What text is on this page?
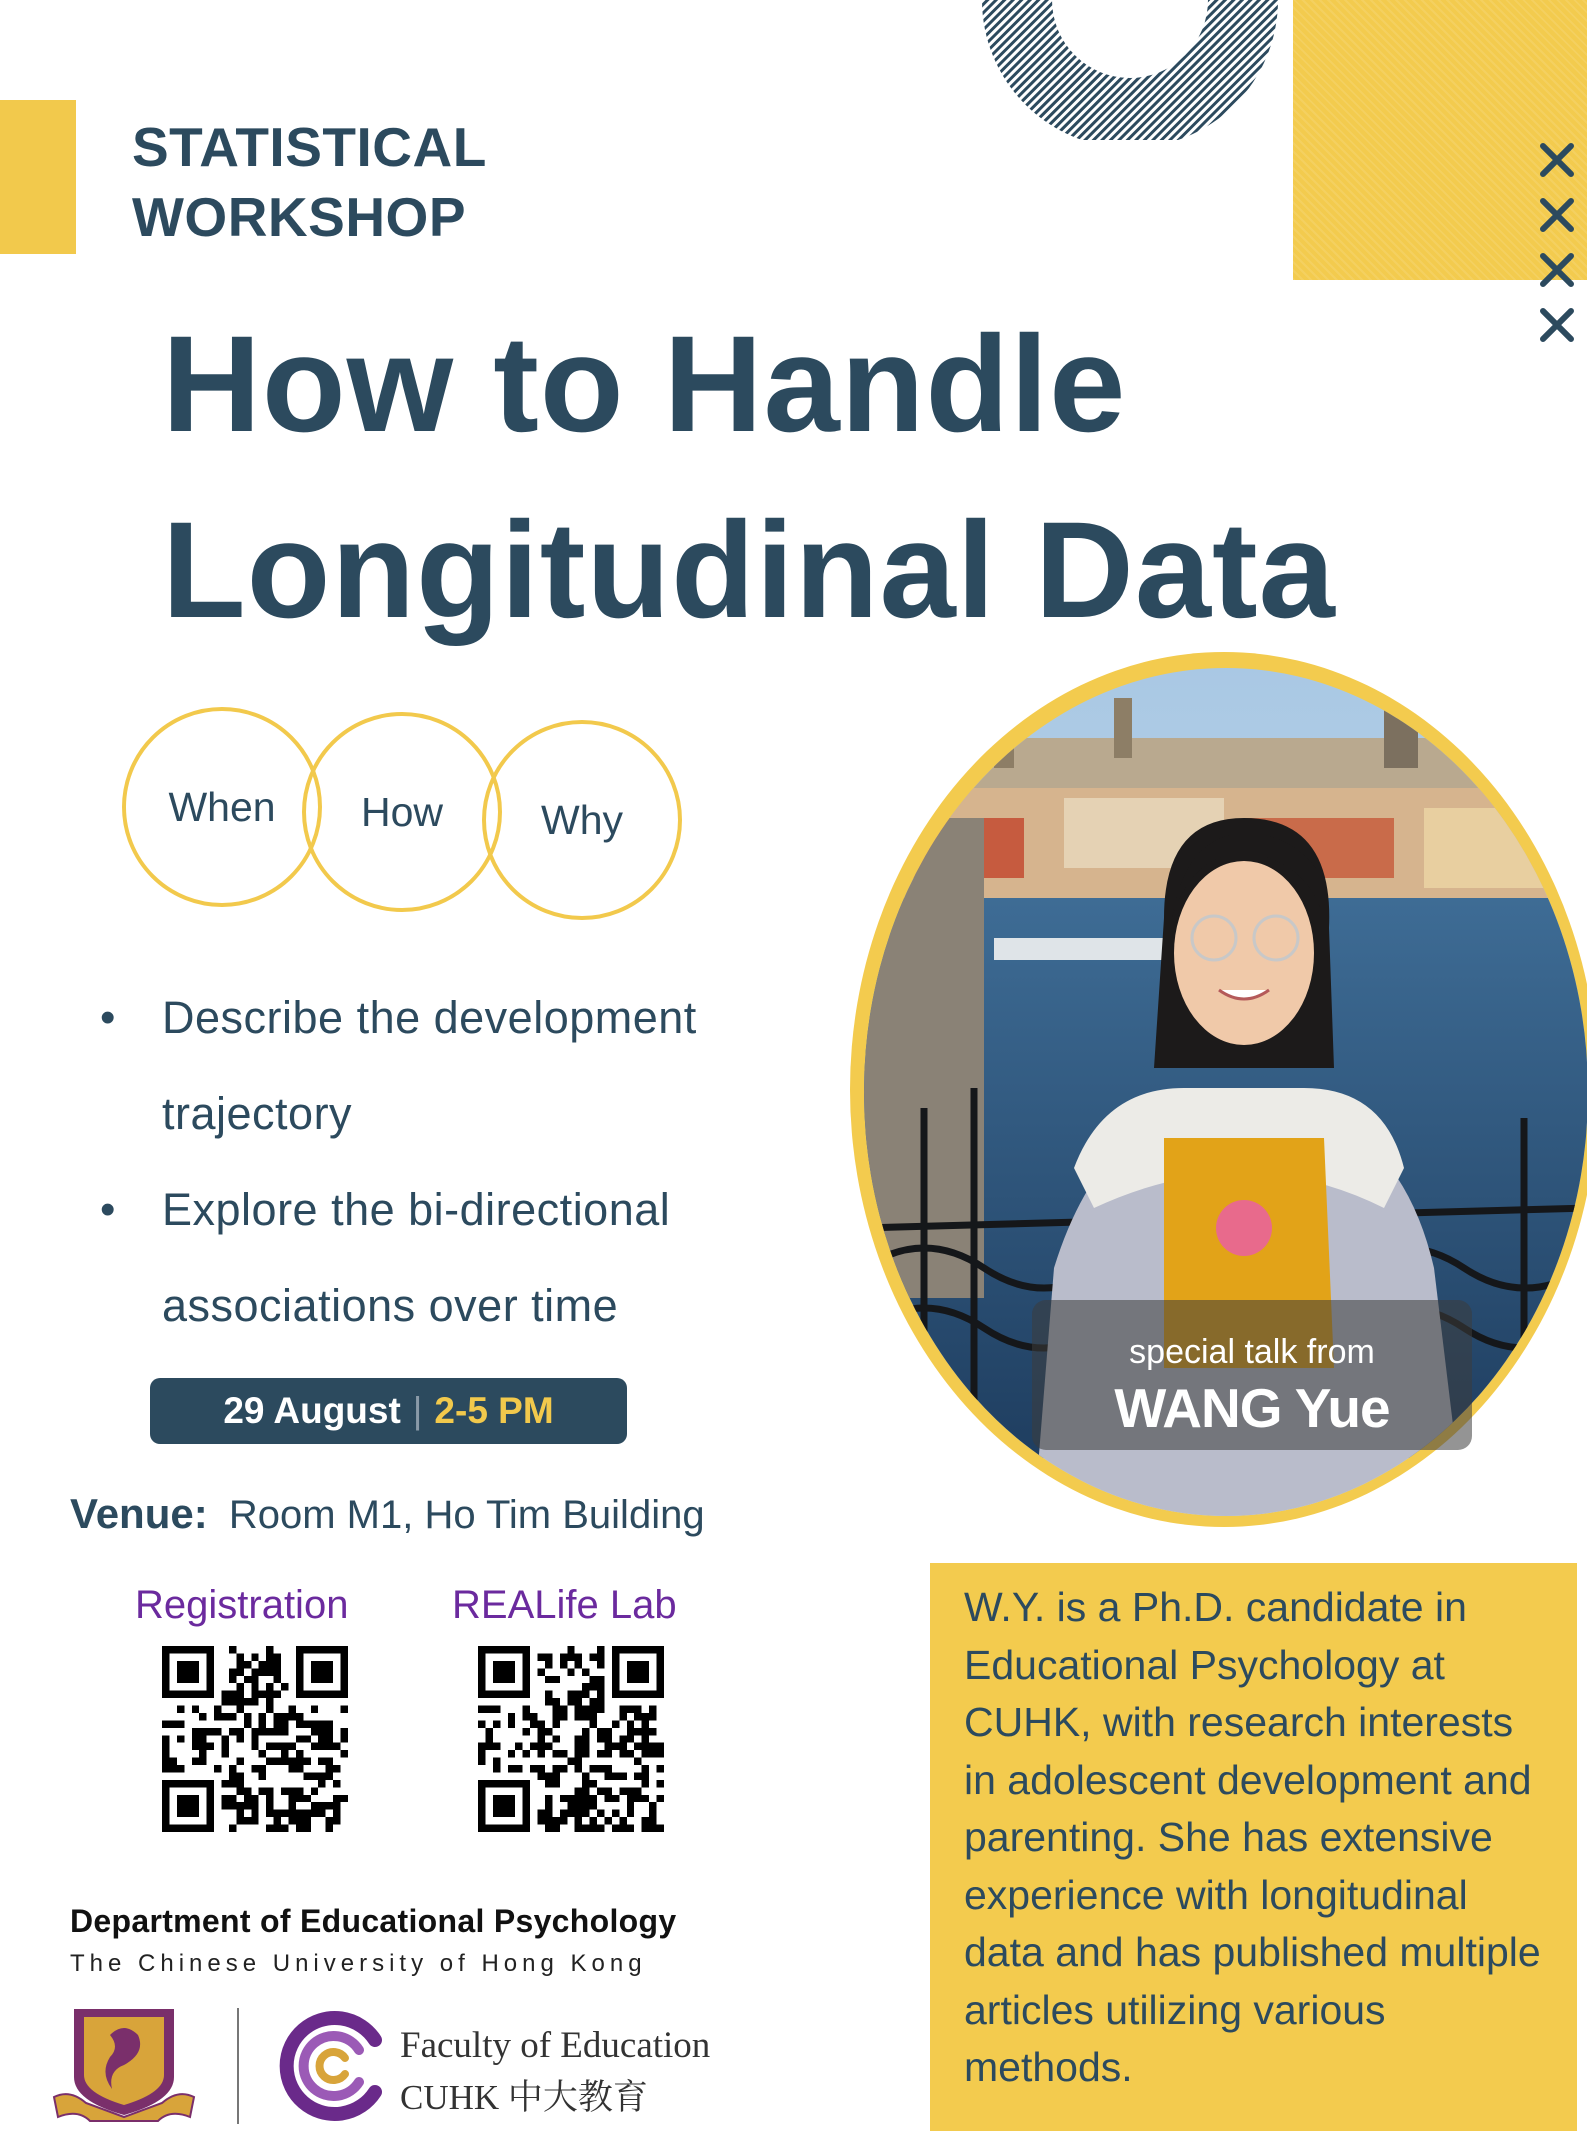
STATISTICAL
WORKSHOP
How to Handle
Longitudinal Data
When How Why
• Describe the development
trajectory
• Explore the bi-directional
associations over time
29 August | 2-5 PM
Venue: Room M1, Ho Tim Building
Registration	REALife Lab
Department of Educational Psychology
The Chinese University of Hong Kong
Faculty of Education
CUHK 中大教育
special talk from
WANG Yue
W.Y. is a Ph.D. candidate in Educational Psychology at CUHK, with research interests in adolescent development and parenting. She has extensive experience with longitudinal data and has published multiple articles utilizing various methods.
